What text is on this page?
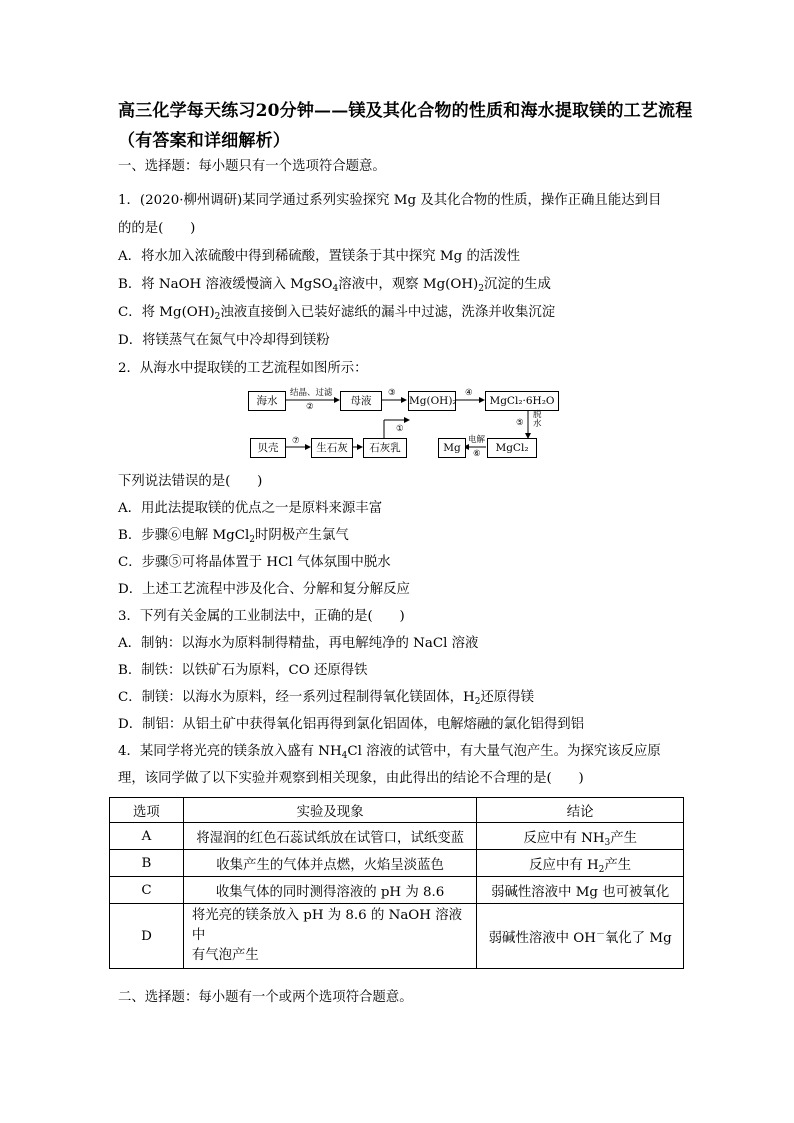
高三化学每天练习20分钟——镁及其化合物的性质和海水提取镁的工艺流程
（有答案和详细解析）
一、选择题：每小题只有一个选项符合题意。
1．(2020·柳州调研)某同学通过系列实验探究 Mg 及其化合物的性质，操作正确且能达到目
的的是(　　)
A．将水加入浓硫酸中得到稀硫酸，置镁条于其中探究 Mg 的活泼性
B．将 NaOH 溶液缓慢滴入 MgSO$_4$溶液中，观察 $Mg(OH)_2$沉淀的生成
C．将 $Mg(OH)_2$浊液直接倒入已装好滤纸的漏斗中过滤，洗涤并收集沉淀
D．将镁蒸气在氮气中冷却得到镁粉
2．从海水中提取镁的工艺流程如图所示：
海水	母液	Mg(OH)₂	MgCl₂·6H₂O
贝壳	生石灰	石灰乳	Mg	MgCl₂
结晶、过滤
②
③	④
⑤
脱水
电解
⑥
⑦
①
下列说法错误的是(　　)
A．用此法提取镁的优点之一是原料来源丰富
B．步骤⑥电解 MgCl$_2$时阴极产生氯气
C．步骤⑤可将晶体置于 HCl 气体氛围中脱水
D．上述工艺流程中涉及化合、分解和复分解反应
3．下列有关金属的工业制法中，正确的是(　　)
A．制钠：以海水为原料制得精盐，再电解纯净的 NaCl 溶液
B．制铁：以铁矿石为原料，CO 还原得铁
C．制镁：以海水为原料，经一系列过程制得氧化镁固体，$H_2$还原得镁
D．制铝：从铝土矿中获得氧化铝再得到氯化铝固体，电解熔融的氯化铝得到铝
4．某同学将光亮的镁条放入盛有 $NH_4Cl$ 溶液的试管中，有大量气泡产生。为探究该反应原
理，该同学做了以下实验并观察到相关现象，由此得出的结论不合理的是(　　)
选项	实验及现象	结论
A	将湿润的红色石蕊试纸放在试管口，试纸变蓝	反应中有 $NH_3$产生
B	收集产生的气体并点燃，火焰呈淡蓝色	反应中有 $H_2$产生
C	收集气体的同时测得溶液的 pH 为 8.6	弱碱性溶液中 Mg 也可被氧化
D	将光亮的镁条放入 pH 为 8.6 的 NaOH 溶液中
有气泡产生	弱碱性溶液中 OH－氧化了 Mg
二、选择题：每小题有一个或两个选项符合题意。
